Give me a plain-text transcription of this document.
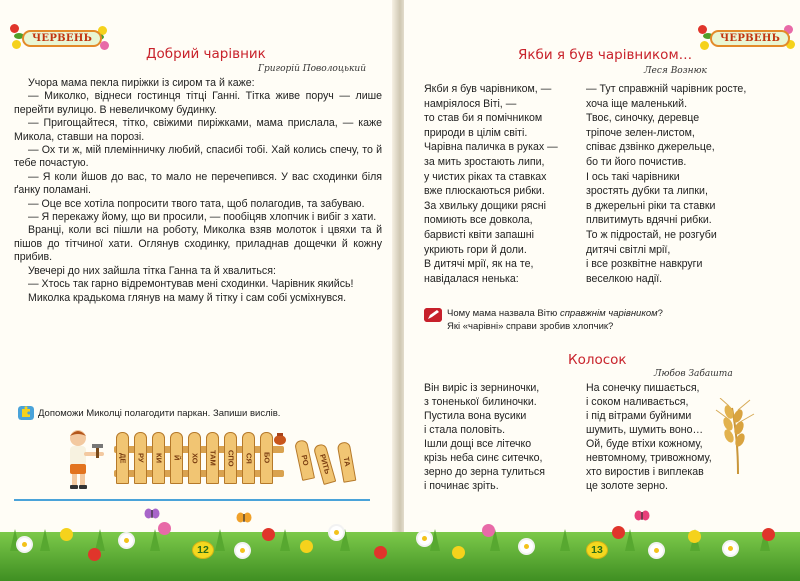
ЧЕРВЕНЬ
Добрий чарівник
Григорій Поволоцький

Учора мама пекла пиріжки із сиром та й каже:

— Миколко, віднеси гостинця тітці Ганні. Тітка живе поруч — лише перейти вулицю. В невеличкому будинку.

— Пригощайтеся, тітко, свіжими пиріжками, мама прислала, — каже Микола, ставши на порозі.

— Ох ти ж, мій племінничку любий, спасибі тобі. Хай колись спечу, то й тебе почастую.

— Я коли йшов до вас, то мало не перечепився. У вас сходинки біля ґанку поламані.

— Оце все хотіла попросити твого тата, щоб полагодив, та забуваю.

— Я перекажу йому, що ви просили, — пообіцяв хлопчик і вибіг з хати.

Вранці, коли всі пішли на роботу, Миколка взяв молоток і цвяхи та й пішов до тітчиної хати. Оглянув сходинку, приладнав дощечки й кожну прибив.

Увечері до них зайшла тітка Ганна та й хвалиться:

— Хтось так гарно відремонтував мені сходинки. Чарівник якийсь!

Миколка крадькома глянув на маму й тітку і сам собі усміхнувся.

Допоможи Миколці полагодити паркан. Запиши вислів.
ДЕ	РУ	КИ	Й	ХО	ТАМ	СПО	СЯ	БО	РО РИТЬ	ТА
ЧЕРВЕНЬ
Якби я був чарівником…
Леся Вознюк
Якби я був чарівником, —
намріялося Віті, —
то став би я помічником
природи в цілім світі.
Чарівна паличка в руках —
за мить зростають липи,
у чистих ріках та ставках
вже плюскаються рибки.
За хвильку дощики рясні
помиють все довкола,
барвисті квіти запашні
укриють гори й доли.
В дитячі мрії, як на те,
навідалася ненька:
— Тут справжній чарівник росте,
хоча іще маленький.
Твоє, синочку, деревце
тріпоче зелен-листом,
співає дзвінко джерельце,
бо ти його почистив.
І ось такі чарівники
зростять дубки та липки,
в джерельні ріки та ставки
плвитимуть вдячні рибки.
То ж підростай, не розгуби
дитячі світлі мрії,
і все розквітне навкруги
веселкою надії.
Чому мама назвала Вітю справжнім чарівником?
Які «чарівні» справи зробив хлопчик?
Колосок
Любов Забашта
Він виріс із зерниночки,
з тоненької билиночки.
Пустила вона вусики
і стала половіть.
Ішли дощі все літечко
крізь неба синє ситечко,
зерно до зерна тулиться
і починає зріть.
На сонечку пишається,
і соком наливається,
і під вітрами буйними
шумить, шумить воно…
Ой, буде втіхи кожному,
невтомному, тривожному,
хто виростив і виплекав
це золоте зерно.
12	13
